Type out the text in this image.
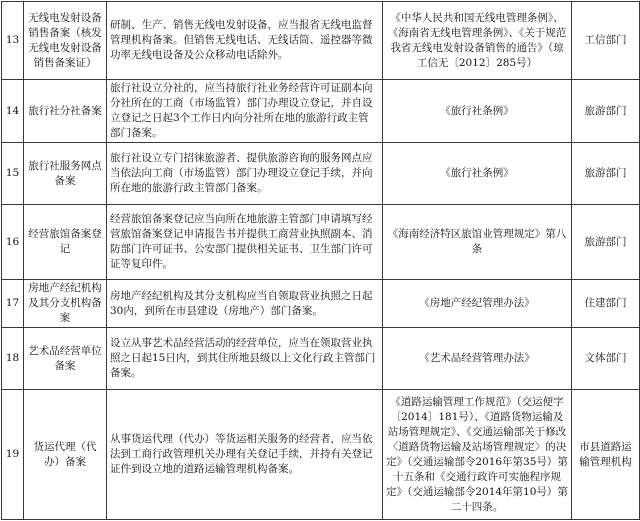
13	无线电发射设备销售备案（核发无线电发射设备销售备案证）	研制、生产、销售无线电发射设备，应当报省无线电监督管理机构备案。但销售无线电话、无线话筒、遥控器等微功率无线电设备及公众移动电话除外。	《中华人民共和国无线电管理条例》、《海南省无线电管理条例》、《关于规范我省无线电发射设备销售的通告》（琼工信无〔2012〕285号）	工信部门
14	旅行社分社备案	旅行社设立分社的，应当持旅行社业务经营许可证副本向分社所在的工商（市场监管）部门办理设立登记，并自设立登记之日起3个工作日内向分社所在地的旅游行政主管部门备案。	《旅行社条例》	旅游部门
15	旅行社服务网点备案	旅行社设立专门招徕旅游者、提供旅游咨询的服务网点应当依法向工商（市场监管）部门办理设立登记手续，并向所在地的旅游行政主管部门备案。	《旅行社条例》	旅游部门
16	经营旅馆备案登记	经营旅馆备案登记应当向所在地旅游主管部门申请填写经营旅馆备案登记申请报告书并提供工商营业执照副本、消防部门许可证书、公安部门提供相关证书、卫生部门许可证等复印件。	《海南经济特区旅馆业管理规定》第八条	旅游部门
17	房地产经纪机构及其分支机构备案	房地产经纪机构及其分支机构应当自领取营业执照之日起30内，到所在市县建设（房地产）部门备案。	《房地产经纪管理办法》	住建部门
18	艺术品经营单位备案	设立从事艺术品经营活动的经营单位，应当在领取营业执照之日起15日内，到其住所地县级以上文化行政主管部门备案。	《艺术品经营管理办法》	文体部门
19	货运代理（代办）备案	从事货运代理（代办）等货运相关服务的经营者，应当依法到工商行政管理机关办理有关登记手续，并持有关登记证件到设立地的道路运输管理机构备案。	《道路运输管理工作规范》（交运便字〔2014〕181号）、《道路货物运输及站场管理规定》、《交通运输部关于修改〈道路货物运输及站场管理规定〉的决定》（交通运输部令2016年第35号）第十五条和《交通行政许可实施程序规定》（交通运输部令2014年第10号）第二十四条。	市县道路运输管理机构
